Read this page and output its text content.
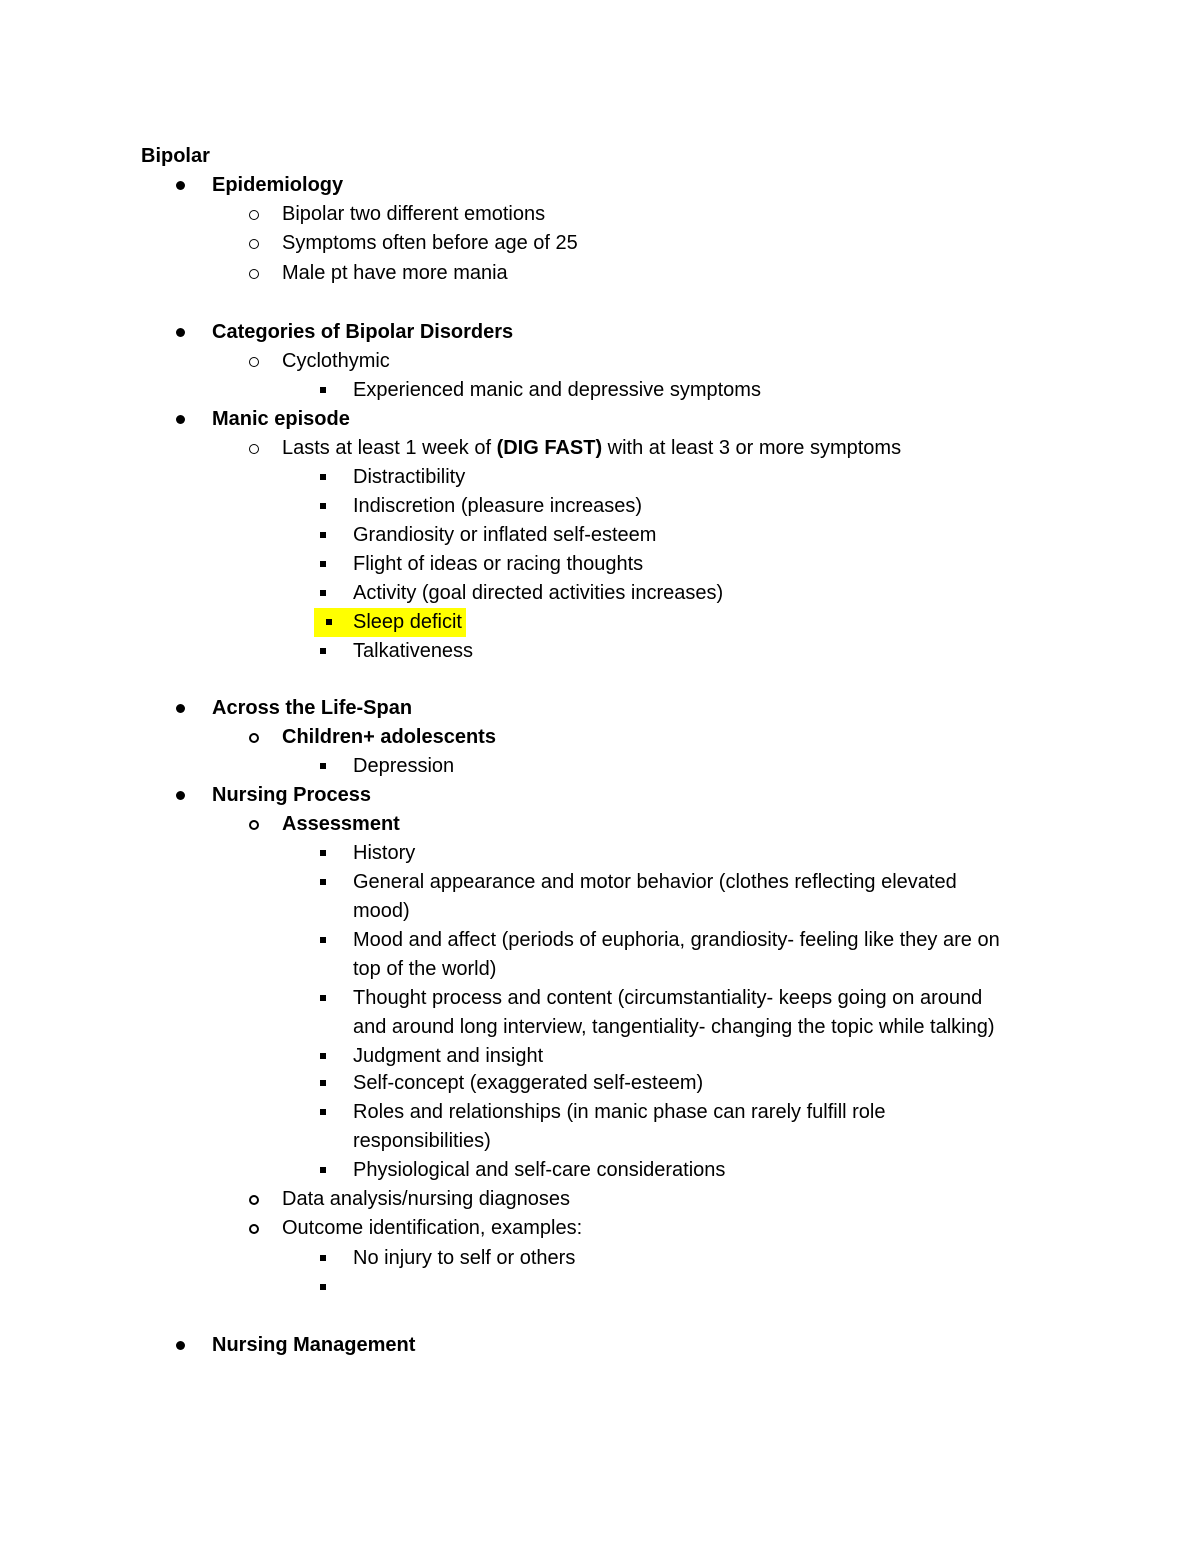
Bipolar
Epidemiology
Bipolar two different emotions
Symptoms often before age of 25
Male pt have more mania
Categories of Bipolar Disorders
Cyclothymic
Experienced manic and depressive symptoms
Manic episode
Lasts at least 1 week of (DIG FAST) with at least 3 or more symptoms
Distractibility
Indiscretion (pleasure increases)
Grandiosity or inflated self-esteem
Flight of ideas or racing thoughts
Activity (goal directed activities increases)
Sleep deficit
Talkativeness
Across the Life-Span
Children+ adolescents
Depression
Nursing Process
Assessment
History
General appearance and motor behavior (clothes reflecting elevated
mood)
Mood and affect (periods of euphoria, grandiosity- feeling like they are on
top of the world)
Thought process and content (circumstantiality- keeps going on around
and around long interview, tangentiality- changing the topic while talking)
Judgment and insight
Self-concept (exaggerated self-esteem)
Roles and relationships (in manic phase can rarely fulfill role
responsibilities)
Physiological and self-care considerations
Data analysis/nursing diagnoses
Outcome identification, examples:
No injury to self or others
Nursing Management
